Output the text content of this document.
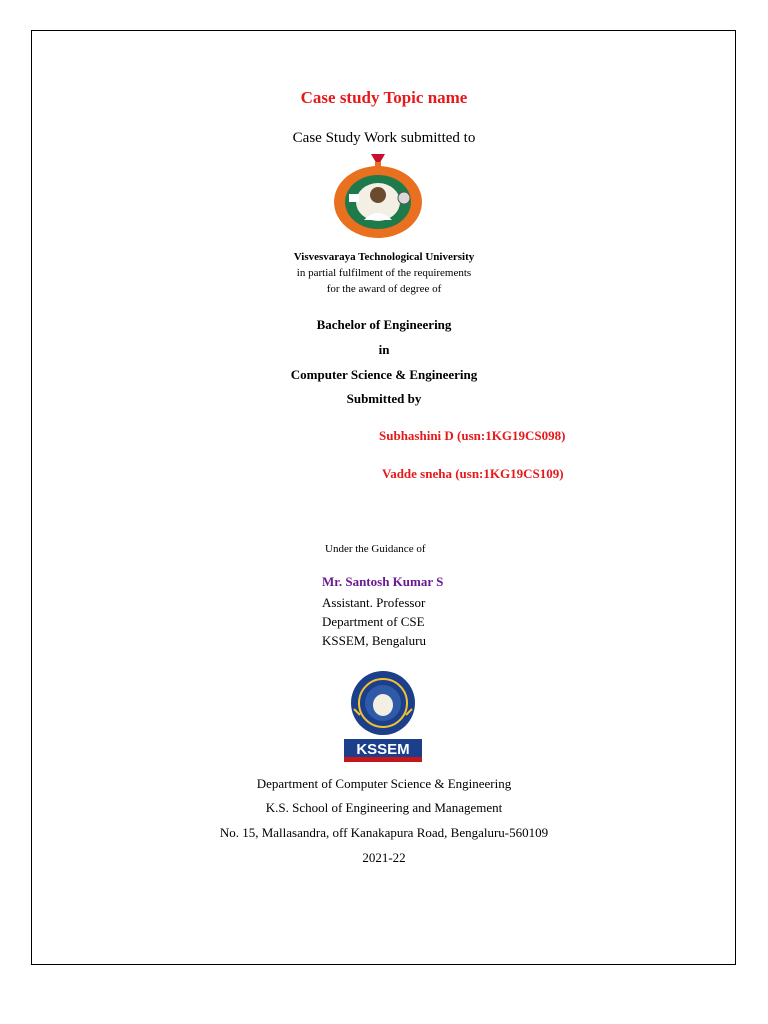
Case study Topic name
Case Study Work submitted to
Visvesvaraya Technological University
in partial fulfilment of the requirements
for the award of degree of
Bachelor of Engineering
in
Computer Science & Engineering
Submitted by
Subhashini D (usn:1KG19CS098)
Vadde sneha (usn:1KG19CS109)
Under the Guidance of
Mr. Santosh Kumar S
Assistant. Professor
Department of CSE
KSSEM, Bengaluru
KSSEM
Department of Computer Science & Engineering
K.S. School of Engineering and Management
No. 15, Mallasandra, off Kanakapura Road, Bengaluru-560109
2021-22
